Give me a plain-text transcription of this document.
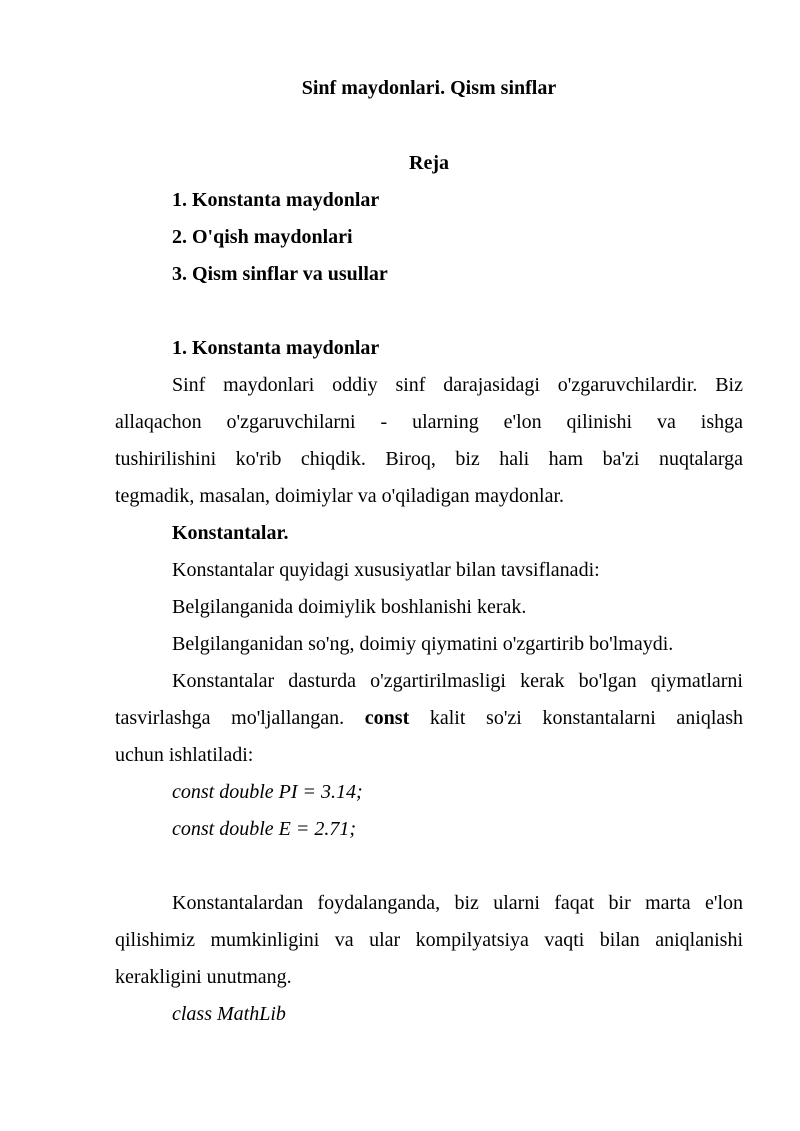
Sinf maydonlari. Qism sinflar
Reja
1. Konstanta maydonlar
2. O'qish maydonlari
3. Qism sinflar va usullar
1. Konstanta maydonlar
Sinf maydonlari oddiy sinf darajasidagi o'zgaruvchilardir. Biz
allaqachon o'zgaruvchilarni - ularning e'lon qilinishi va ishga
tushirilishini ko'rib chiqdik. Biroq, biz hali ham ba'zi nuqtalarga
tegmadik, masalan, doimiylar va o'qiladigan maydonlar.
Konstantalar.
Konstantalar quyidagi xususiyatlar bilan tavsiflanadi:
Belgilanganida doimiylik boshlanishi kerak.
Belgilanganidan so'ng, doimiy qiymatini o'zgartirib bo'lmaydi.
Konstantalar dasturda o'zgartirilmasligi kerak bo'lgan qiymatlarni
tasvirlashga mo'ljallangan. const kalit so'zi konstantalarni aniqlash
uchun ishlatiladi:
const double PI = 3.14;
const double E = 2.71;
Konstantalardan foydalanganda, biz ularni faqat bir marta e'lon
qilishimiz mumkinligini va ular kompilyatsiya vaqti bilan aniqlanishi
kerakligini unutmang.
class MathLib
